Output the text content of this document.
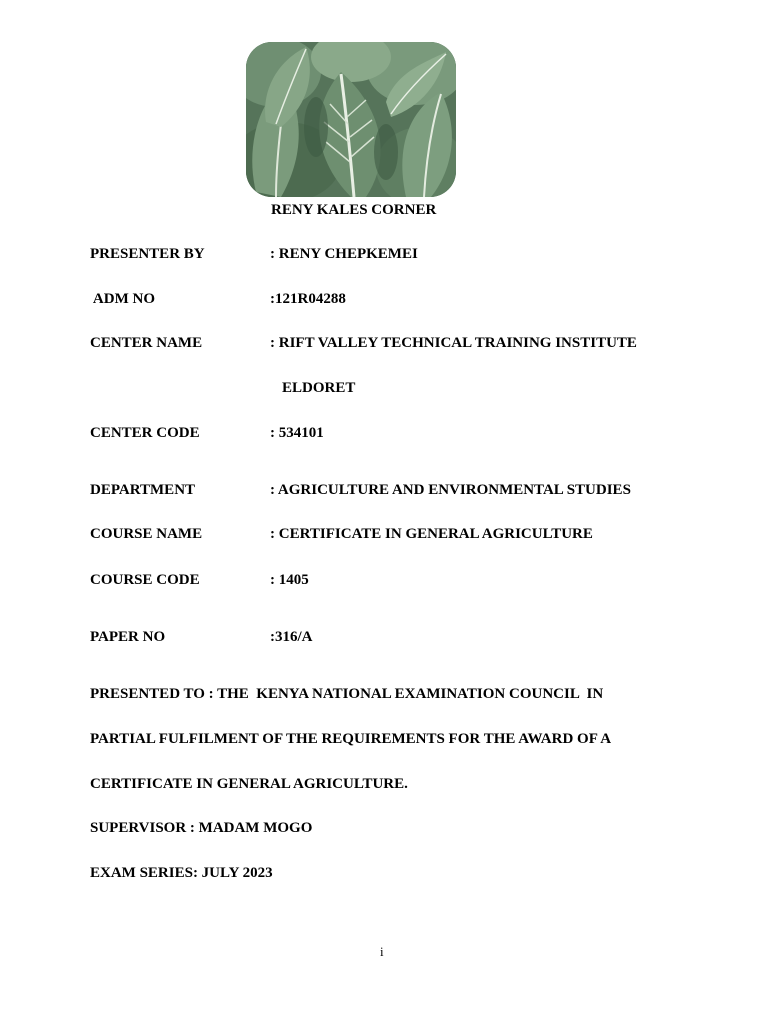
RENY KALES CORNER
PRESENTER BY	: RENY CHEPKEMEI
ADM NO	:121R04288
CENTER NAME	: RIFT VALLEY TECHNICAL TRAINING INSTITUTE
ELDORET
CENTER CODE	: 534101
DEPARTMENT	: AGRICULTURE AND ENVIRONMENTAL STUDIES
COURSE NAME	: CERTIFICATE IN GENERAL AGRICULTURE
COURSE CODE	: 1405
PAPER NO	:316/A
PRESENTED TO : THE  KENYA NATIONAL EXAMINATION COUNCIL  IN
PARTIAL FULFILMENT OF THE REQUIREMENTS FOR THE AWARD OF A
CERTIFICATE IN GENERAL AGRICULTURE.
SUPERVISOR : MADAM MOGO
EXAM SERIES: JULY 2023
i
